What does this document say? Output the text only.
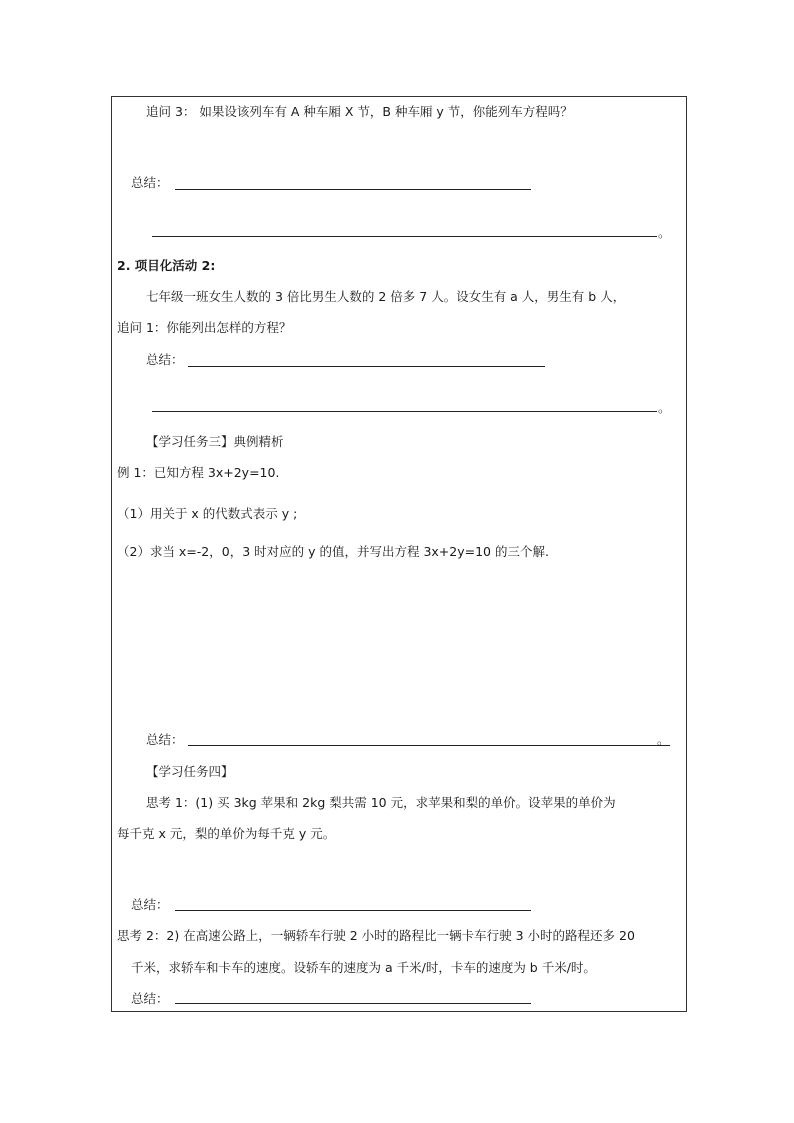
追问 3： 如果设该列车有 A 种车厢 X 节，B 种车厢 y 节，你能列车方程吗？
总结：
。
2. 项目化活动 2:
七年级一班女生人数的 3 倍比男生人数的 2 倍多 7 人。设女生有 a 人，男生有 b 人，
追问 1：你能列出怎样的方程？
总结：
。
【学习任务三】典例精析
例 1：已知方程 3x+2y=10.
（1）用关于 x 的代数式表示 y ;
（2）求当 x=-2，0，3 时对应的 y 的值，并写出方程 3x+2y=10 的三个解.
总结：	。
【学习任务四】
思考 1：(1) 买 3kg 苹果和 2kg 梨共需 10 元，求苹果和梨的单价。设苹果的单价为
每千克 x 元，梨的单价为每千克 y 元。
总结：
思考 2：2) 在高速公路上，一辆轿车行驶 2 小时的路程比一辆卡车行驶 3 小时的路程还多 20
千米，求轿车和卡车的速度。设轿车的速度为 a 千米/时，卡车的速度为 b 千米/时。
总结：
